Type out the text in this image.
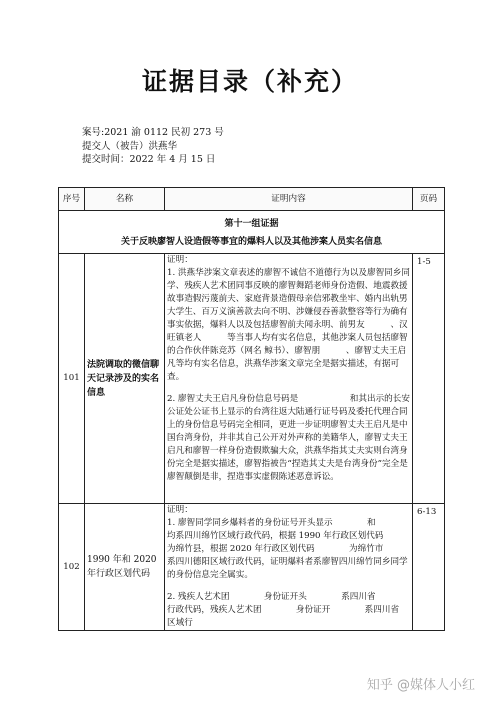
证据目录（补充）
案号:2021 渝 0112 民初 273 号
提交人（被告）洪燕华
提交时间：2022 年 4 月 15 日
序号	名称	证明内容	页码

第十一组证据
关于反映廖智人设造假等事宜的爆料人以及其他涉案人员实名信息			

101	法院调取的微信聊天记录涉及的实名信息	证明：

1. 洪燕华涉案文章表述的廖智不诚信不道德行为以及廖智同乡同学、残疾人艺术团同事反映的廖智舞蹈老师身份造假、地震救援故事造假污蔑前夫、家庭背景造假母亲信邪教坐牢、婚内出轨男大学生、百万义演善款去向不明、涉嫌侵吞善款整容等行为确有事实依据，爆料人以及包括廖智前夫闻永明、前男友　　　、汉旺镇老人　　　等当事人均有实名信息，其他涉案人员包括廖智的合作伙伴陈竞苏（网名 鲸书）、廖智朋　　　、廖智丈夫王启凡等均有实名信息，洪燕华涉案文章完全是据实描述，有据可查。

2. 廖智丈夫王启凡身份信息号码是　　　　　　和其出示的长安公证处公证书上显示的台湾往返大陆通行证号码及委托代理合同上的身份信息号码完全相同，更进一步证明廖智丈夫王启凡是中国台湾身份，并非其自己公开对外声称的美籍华人，廖智丈夫王启凡和廖智一样身份造假欺骗大众，洪燕华指其丈夫实则台湾身份完全是据实描述，廖智指被告“捏造其丈夫是台湾身份”完全是廖智颠倒是非，捏造事实虚假陈述恶意诉讼。	1-5
102	1990 年和 2020 年行政区划代码	证明：

1. 廖智同学同乡爆料者的身份证号开头显示　　　　和　　　　均系四川绵竹区域行政代码，根据 1990 年行政区划代码　　　　为绵竹县，根据 2020 年行政区划代码　　　　为绵竹市　　　　系四川德阳区域行政代码，证明爆料者系廖智四川绵竹同乡同学的身份信息完全属实。

2. 残疾人艺术团　　　　身份证开头　　　　系四川省　　　　行政代码，残疾人艺术团　　　　身份证开　　　　系四川省　　　　　　区域行	6-13
知乎 @媒体人小红
